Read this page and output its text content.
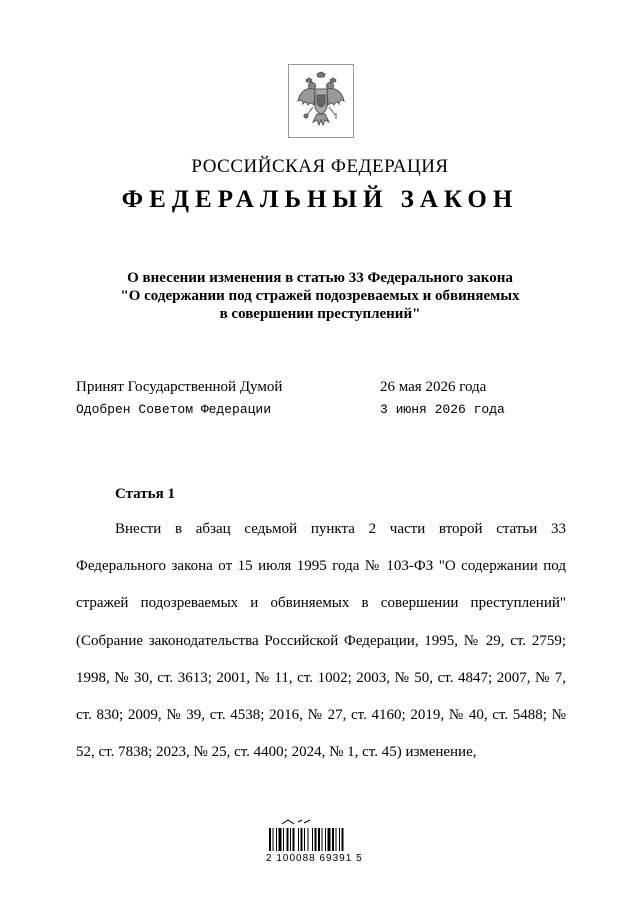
РОССИЙСКАЯ ФЕДЕРАЦИЯ
ФЕДЕРАЛЬНЫЙ ЗАКОН
О внесении изменения в статью 33 Федерального закона
"О содержании под стражей подозреваемых и обвиняемых
в совершении преступлений"
Принят Государственной Думой	26 мая 2026 года
Одобрен Советом Федерации	3 июня 2026 года
Статья 1
Внести в абзац седьмой пункта 2 части второй статьи 33 Федерального закона от 15 июля 1995 года № 103-ФЗ "О содержании под стражей подозреваемых и обвиняемых в совершении преступлений" (Собрание законодательства Российской Федерации, 1995, № 29, ст. 2759; 1998, № 30, ст. 3613; 2001, № 11, ст. 1002; 2003, № 50, ст. 4847; 2007, № 7, ст. 830; 2009, № 39, ст. 4538; 2016, № 27, ст. 4160; 2019, № 40, ст. 5488; № 52, ст. 7838; 2023, № 25, ст. 4400; 2024, № 1, ст. 45) изменение,
2 100088 69391 5
